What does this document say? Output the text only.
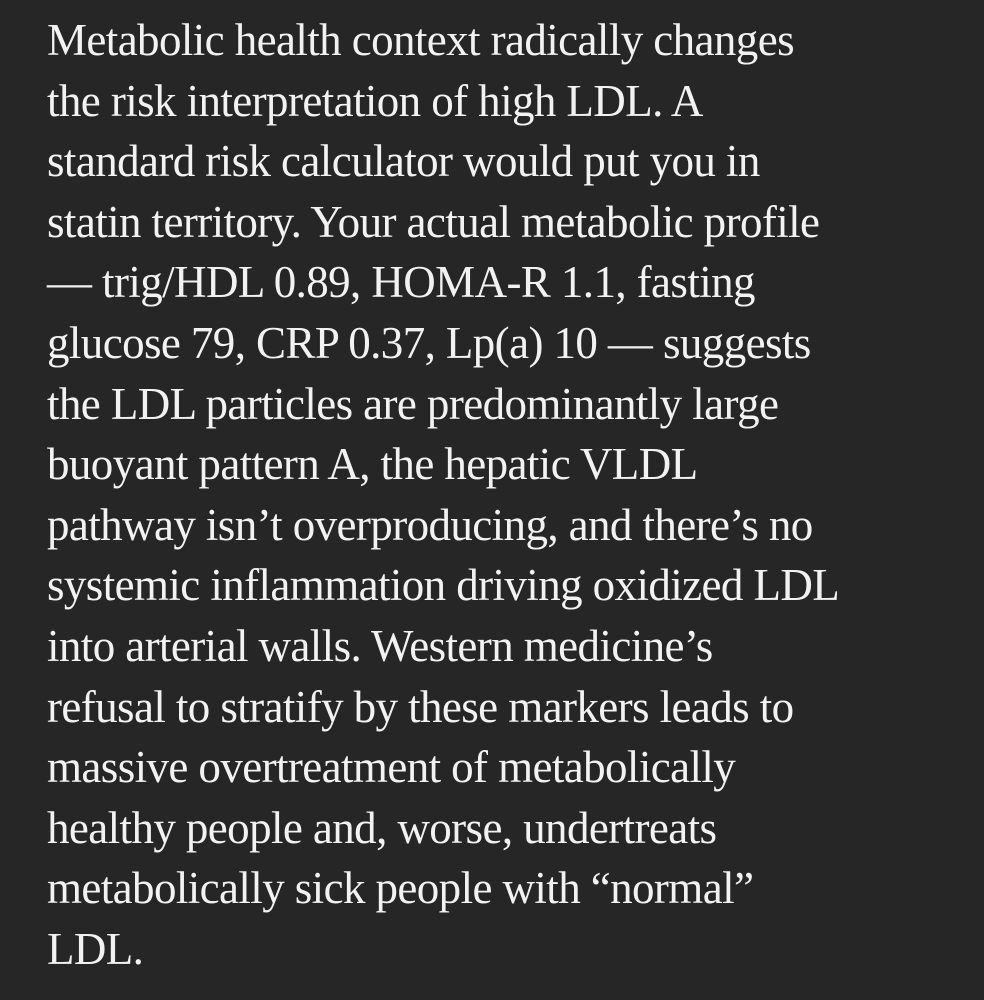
Metabolic health context radically changes
the risk interpretation of high LDL. A
standard risk calculator would put you in
statin territory. Your actual metabolic profile
— trig/HDL 0.89, HOMA-R 1.1, fasting
glucose 79, CRP 0.37, Lp(a) 10 — suggests
the LDL particles are predominantly large
buoyant pattern A, the hepatic VLDL
pathway isn’t overproducing, and there’s no
systemic inflammation driving oxidized LDL
into arterial walls. Western medicine’s
refusal to stratify by these markers leads to
massive overtreatment of metabolically
healthy people and, worse, undertreats
metabolically sick people with “normal”
LDL.
